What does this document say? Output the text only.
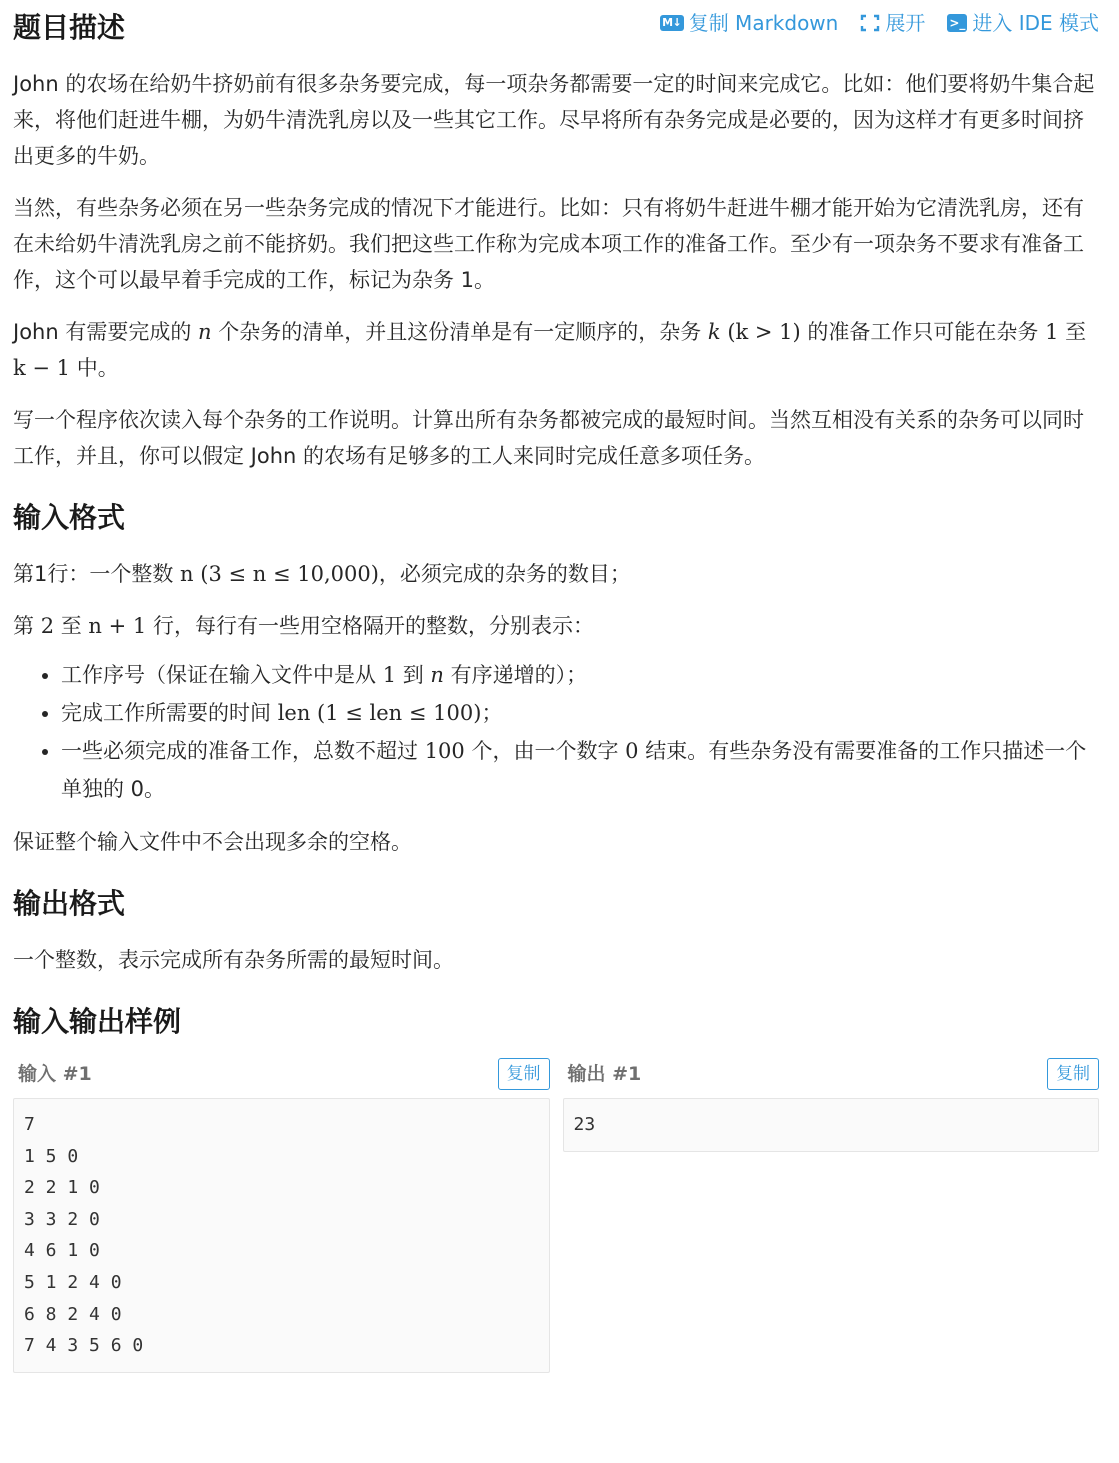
题目描述	M↓ 复制 Markdown 展开 >_ 进入 IDE 模式

John 的农场在给奶牛挤奶前有很多杂务要完成，每一项杂务都需要一定的时间来完成它。比如：他们要将奶牛集合起来，将他们赶进牛棚，为奶牛清洗乳房以及一些其它工作。尽早将所有杂务完成是必要的，因为这样才有更多时间挤出更多的牛奶。

当然，有些杂务必须在另一些杂务完成的情况下才能进行。比如：只有将奶牛赶进牛棚才能开始为它清洗乳房，还有在未给奶牛清洗乳房之前不能挤奶。我们把这些工作称为完成本项工作的准备工作。至少有一项杂务不要求有准备工作，这个可以最早着手完成的工作，标记为杂务 1。

John 有需要完成的 n 个杂务的清单，并且这份清单是有一定顺序的，杂务 k (k > 1) 的准备工作只可能在杂务 1 至 k − 1 中。

写一个程序依次读入每个杂务的工作说明。计算出所有杂务都被完成的最短时间。当然互相没有关系的杂务可以同时工作，并且，你可以假定 John 的农场有足够多的工人来同时完成任意多项任务。

输入格式

第1行：一个整数 n (3 ≤ n ≤ 10,000)，必须完成的杂务的数目；

第 2 至 n + 1 行，每行有一些用空格隔开的整数，分别表示：

• 工作序号（保证在输入文件中是从 1 到 n 有序递增的）；
• 完成工作所需要的时间 len (1 ≤ len ≤ 100)；
• 一些必须完成的准备工作，总数不超过 100 个，由一个数字 0 结束。有些杂务没有需要准备的工作只描述一个单独的 0。

保证整个输入文件中不会出现多余的空格。

输出格式

一个整数，表示完成所有杂务所需的最短时间。

输入输出样例
输入 #1	复制
7
1 5 0
2 2 1 0
3 3 2 0
4 6 1 0
5 1 2 4 0
6 8 2 4 0
7 4 3 5 6 0
输出 #1	复制
23
